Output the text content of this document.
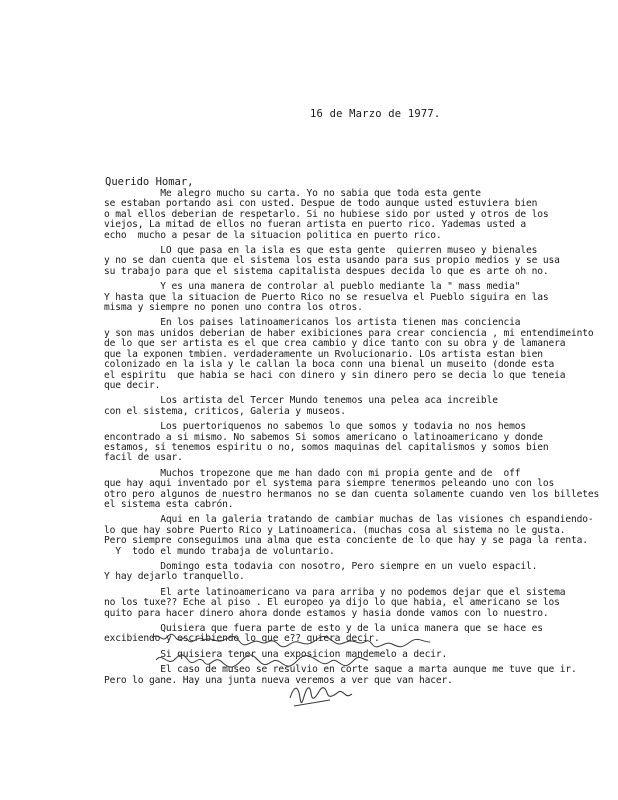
16 de Marzo de 1977.
Querido Homar,
Me alegro mucho su carta. Yo no sabia que toda esta gente
se estaban portando asi con usted. Despue de todo aunque usted estuviera bien
o mal ellos deberian de respetarlo. Si no hubiese sido por usted y otros de los
viejos, La mitad de ellos no fueran artista en puerto rico. Yademas usted a
echo  mucho a pesar de la situacion politica en puerto rico.
LO que pasa en la isla es que esta gente  quierren museo y bienales
y no se dan cuenta que el sistema los esta usando para sus propio medios y se usa
su trabajo para que el sistema capitalista despues decida lo que es arte oh no.
Y es una manera de controlar al pueblo mediante la " mass media"
Y hasta que la situacion de Puerto Rico no se resuelva el Pueblo siguira en las
misma y siempre no ponen uno contra los otros.
En los paises latinoamericanos los artista tienen mas conciencia
y son mas unidos deberian de haber exibiciones para crear conciencia , mi entendimeinto
de lo que ser artista es el que crea cambio y dice tanto con su obra y de lamanera
que la exponen tmbien. verdaderamente un Rvolucionario. LOs artista estan bien
colonizado en la isla y le callan la boca conn una bienal un museito (donde esta
el espiritu  que habia se haci con dinero y sin dinero pero se decia lo que teneia
que decir.
Los artista del Tercer Mundo tenemos una pelea aca increible
con el sistema, criticos, Galeria y museos.
Los puertoriquenos no sabemos lo que somos y todavia no nos hemos
encontrado a si mismo. No sabemos Si somos americano o latinoamericano y donde
estamos, si tenemos espiritu o no, somos maquinas del capitalismos y somos bien
facil de usar.
Muchos tropezone que me han dado con mi propia gente and de  off
que hay aqui inventado por el systema para siempre tenermos peleando uno con los
otro pero algunos de nuestro hermanos no se dan cuenta solamente cuando ven los billetes
el sistema esta cabrón.
Aqui en la galeria tratando de cambiar muchas de las visiones ch espandiendo-
lo que hay sobre Puerto Rico y Latinoamerica. (muchas cosa al sistema no le gusta.
Pero siempre conseguimos una alma que esta conciente de lo que hay y se paga la renta.
Y  todo el mundo trabaja de voluntario.
Domingo esta todavia con nosotro, Pero siempre en un vuelo espacil.
Y hay dejarlo tranquello.
El arte latinoamericano va para arriba y no podemos dejar que el sistema
no los tuxe?? Eche al piso . El europeo ya dijo lo que habia, el americano se los
quito para hacer dinero ahora donde estamos y hasia donde vamos con lo nuestro.
Quisiera que fuera parte de esto y de la unica manera que se hace es
excibiendo y escribiendo lo que e?? quiera decir.
Si quisiera tener una exposicion mandemelo a decir.
El caso de museo se resulvio en corte saque a marta aunque me tuve que ir.
Pero lo gane. Hay una junta nueva veremos a ver que van hacer.
